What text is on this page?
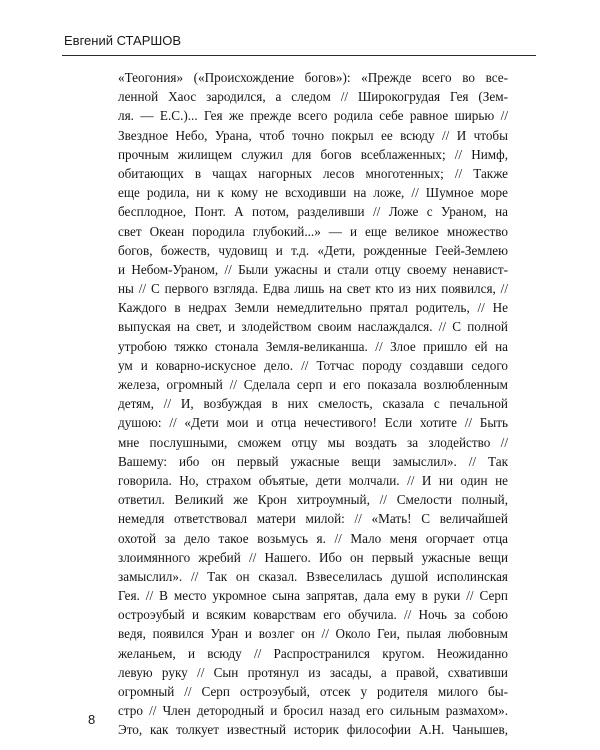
Евгений СТАРШОВ
«Теогония» («Происхождение богов»): «Прежде всего во все-
ленной Хаос зародился, а следом // Широкогрудая Гея (Зем-
ля. — Е.С.)... Гея же прежде всего родила себе равное ширью //
Звездное Небо, Урана, чтоб точно покрыл ее всюду // И чтобы
прочным жилищем служил для богов всеблаженных; // Нимф,
обитающих в чащах нагорных лесов многотенных; // Также
еще родила, ни к кому не всходивши на ложе, // Шумное море
бесплодное, Понт. А потом, разделивши // Ложе с Ураном, на
свет Океан породила глубокий...» — и еще великое множество
богов, божеств, чудовищ и т.д. «Дети, рожденные Геей-Землею
и Небом-Ураном, // Были ужасны и стали отцу своему ненавист-
ны // С первого взгляда. Едва лишь на свет кто из них появился, //
Каждого в недрах Земли немедлительно прятал родитель, // Не
выпуская на свет, и злодейством своим наслаждался. // С полной
утробою тяжко стонала Земля-великанша. // Злое пришло ей на
ум и коварно-искусное дело. // Тотчас породу создавши седого
железа, огромный // Сделала серп и его показала возлюбленным
детям, // И, возбуждая в них смелость, сказала с печальной
душою: // «Дети мои и отца нечестивого! Если хотите // Быть
мне послушными, сможем отцу мы воздать за злодейство //
Вашему: ибо он первый ужасные вещи замыслил». // Так
говорила. Но, страхом объятые, дети молчали. // И ни один не
ответил. Великий же Крон хитроумный, // Смелости полный,
немедля ответствовал матери милой: // «Мать! С величайшей
охотой за дело такое возьмусь я. // Мало меня огорчает отца
злоимянного жребий // Нашего. Ибо он первый ужасные вещи
замыслил». // Так он сказал. Взвеселилась душой исполинская
Гея. // В место укромное сына запрятав, дала ему в руки // Серп
остроэубый и всяким коварствам его обучила. // Ночь за собою
ведя, появился Уран и возлег он // Около Геи, пылая любовным
желаньем, и всюду // Распространился кругом. Неожиданно
левую руку // Сын протянул из засады, а правой, схвативши
огромный // Серп остроэубый, отсек у родителя милого бы-
стро // Член детородный и бросил назад его сильным размахом».
Это, как толкует известный историк философии А.Н. Чанышев,
8
